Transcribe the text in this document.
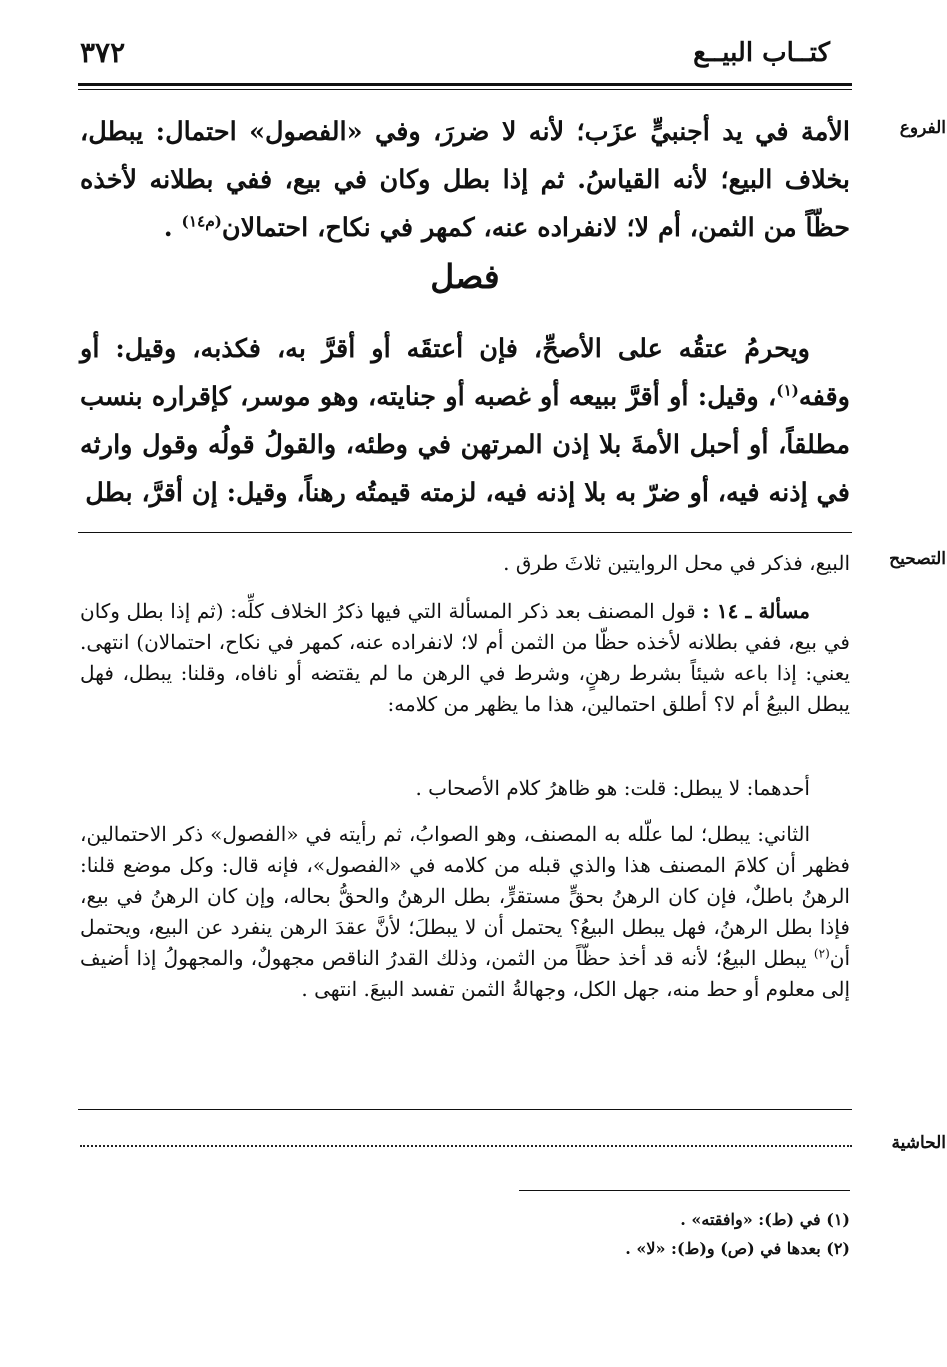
٣٧٢	كتــاب البيــع
الفروع
التصحيح
الحاشية

الأمة في يد أجنبيٍّ عزَب؛ لأنه لا ضررَ، وفي «الفصول» احتمال: يبطل، بخلاف البيع؛ لأنه القياسُ. ثم إذا بطل وكان في بيع، ففي بطلانه لأخذه حظّاً من الثمن، أم لا؛ لانفراده عنه، كمهر في نكاح، احتمالان$^{(م١٤)}$ .

فصل

ويحرمُ عتقُه على الأصحِّ، فإن أعتقَه أو أقرَّ به، فكذبه، وقيل: أو وقفه$^{(١)}$، وقيل: أو أقرَّ ببيعه أو غصبه أو جنايته، وهو موسر، كإقراره بنسب مطلقاً، أو أحبل الأمةَ بلا إذن المرتهن في وطئه، والقولُ قولُه وقول وارثه في إذنه فيه، أو ضرّ به بلا إذنه فيه، لزمته قيمتُه رهناً، وقيل: إن أقرَّ، بطل

البيع، فذكر في محل الروايتين ثلاثَ طرق .

مسألة ـ ١٤ : قول المصنف بعد ذكر المسألة التي فيها ذكرُ الخلاف كلِّه: (ثم إذا بطل وكان في بيع، ففي بطلانه لأخذه حظّا من الثمن أم لا؛ لانفراده عنه، كمهر في نكاح، احتمالان) انتهى. يعني: إذا باعه شيئاً بشرط رهنٍ، وشرط في الرهن ما لم يقتضه أو نافاه، وقلنا: يبطل، فهل يبطل البيعُ أم لا؟ أطلق احتمالين، هذا ما يظهر من كلامه:

أحدهما: لا يبطل: قلت: هو ظاهرُ كلام الأصحاب .

الثاني: يبطل؛ لما علّله به المصنف، وهو الصوابُ، ثم رأيته في «الفصول» ذكر الاحتمالين، فظهر أن كلامَ المصنف هذا والذي قبله من كلامه في «الفصول»، فإنه قال: وكل موضع قلنا: الرهنُ باطلٌ، فإن كان الرهنُ بحقٍّ مستقرٍّ، بطل الرهنُ والحقُّ بحاله، وإن كان الرهنُ في بيع، فإذا بطل الرهنُ، فهل يبطل البيعُ؟ يحتمل أن لا يبطلَ؛ لأنَّ عقدَ الرهن ينفرد عن البيع، ويحتمل أن$^{(٢)}$ يبطل البيعُ؛ لأنه قد أخذ حظّاً من الثمن، وذلك القدرُ الناقص مجهولٌ، والمجهولُ إذا أضيف إلى معلوم أو حط منه، جهل الكل، وجهالةُ الثمن تفسد البيعَ. انتهى .

(١) في (ط): «وافقته» .
(٢) بعدها في (ص) و(ط): «لا» .
